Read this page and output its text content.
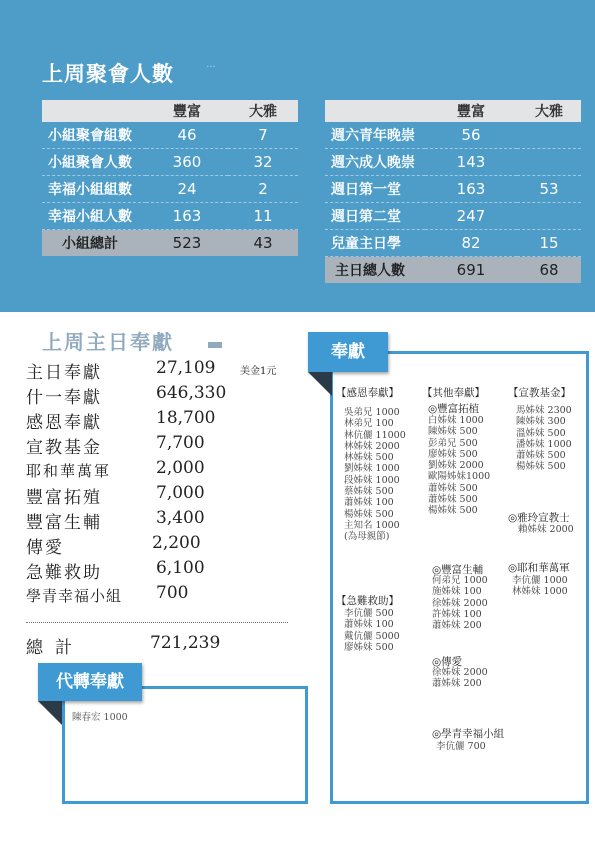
上周聚會人數	ᐧᐧᐧ
	豐富	大雅
小組聚會組數	46	7
小組聚會人數	360	32
幸福小組組數	24	2
幸福小組人數	163	11
小組總計	523	43
	豐富	大雅
週六青年晚崇	56	
週六成人晚崇	143	
週日第一堂	163	53
週日第二堂	247	
兒童主日學	82	15
主日總人數	691	68
上周主日奉獻
美金1元
主日奉獻	27,109
什一奉獻	646,330
感恩奉獻	18,700
宣教基金	7,700
耶和華萬軍	2,000
豐富拓殖	7,000
豐富生輔	3,400
傳愛	2,200
急難救助	6,100
學青幸福小組 700
總計	721,239
代轉奉獻
陳春宏 1000
奉獻
【感恩奉獻】
吳弟兄 1000
林弟兄 100
林伉儷 11000
林姊妹 2000
林姊妹 500
劉姊妹 1000
段姊妹 1000
蔡姊妹 500
蕭姊妹 100
楊姊妹 500
主知名 1000
(為母親節)
【急難救助】
李伉儷 500
蕭姊妹 100
戴伉儷 5000
廖姊妹 500
【其他奉獻】
◎豐富拓植
白姊妹 1000
陳姊妹 500
彭弟兄 500
廖姊妹 500
劉姊妹 2000
歐陽姊妹1000
蕭姊妹 500
蕭姊妹 500
楊姊妹 500
◎豐富生輔
何弟兄 1000
施姊妹 100
徐姊妹 2000
許姊妹 100
蕭姊妹 200
◎傳愛
徐姊妹 2000
蕭姊妹 200
◎學青幸福小組
李伉儷 700
【宣教基金】
馬姊妹 2300
陳姊妹 300
溫姊妹 500
潘姊妹 1000
蕭姊妹 500
楊姊妹 500
◎雅玲宣教士
賴姊妹 2000
◎耶和華萬軍
李伉儷 1000
林姊妹 1000
